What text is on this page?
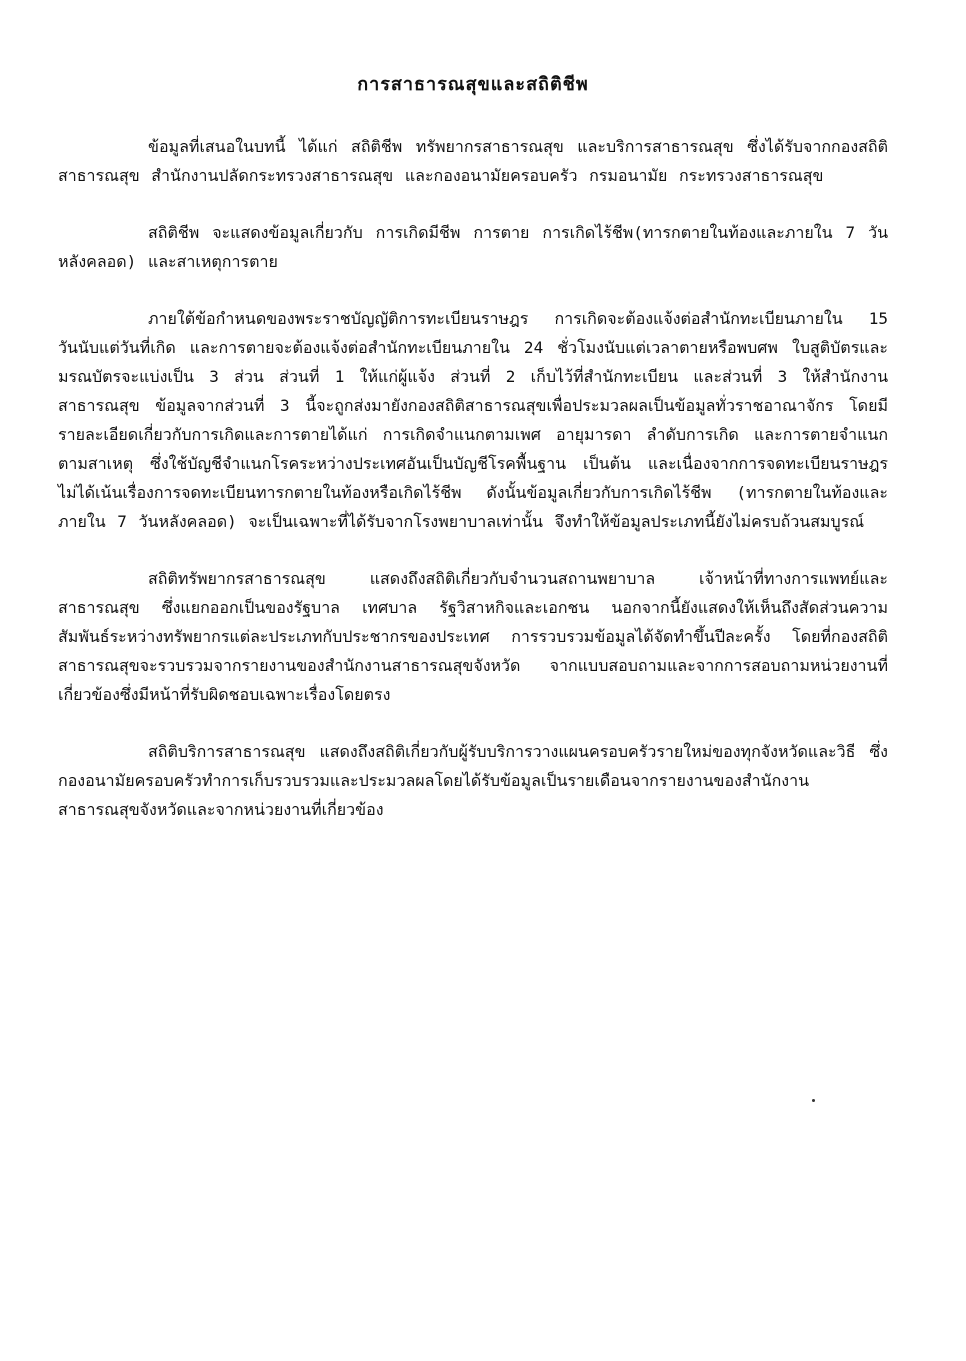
การสาธารณสุขและสถิติชีพ

ข้อมูลที่เสนอในบทนี้ ได้แก่ สถิติชีพ ทรัพยากรสาธารณสุข และบริการสาธารณสุข ซึ่งได้รับจากกองสถิติสาธารณสุข สำนักงานปลัดกระทรวงสาธารณสุข และกองอนามัยครอบครัว กรมอนามัย กระทรวงสาธารณสุข

สถิติชีพ จะแสดงข้อมูลเกี่ยวกับ การเกิดมีชีพ การตาย การเกิดไร้ชีพ(ทารกตายในท้องและภายใน 7 วันหลังคลอด) และสาเหตุการตาย

ภายใต้ข้อกำหนดของพระราชบัญญัติการทะเบียนราษฎร การเกิดจะต้องแจ้งต่อสำนักทะเบียนภายใน 15 วันนับแต่วันที่เกิด และการตายจะต้องแจ้งต่อสำนักทะเบียนภายใน 24 ชั่วโมงนับแต่เวลาตายหรือพบศพ ใบสูติบัตรและมรณบัตรจะแบ่งเป็น 3 ส่วน ส่วนที่ 1 ให้แก่ผู้แจ้ง ส่วนที่ 2 เก็บไว้ที่สำนักทะเบียน และส่วนที่ 3 ให้สำนักงานสาธารณสุข ข้อมูลจากส่วนที่ 3 นี้จะถูกส่งมายังกองสถิติสาธารณสุขเพื่อประมวลผลเป็นข้อมูลทั่วราชอาณาจักร โดยมีรายละเอียดเกี่ยวกับการเกิดและการตายได้แก่ การเกิดจำแนกตามเพศ อายุมารดา ลำดับการเกิด และการตายจำแนกตามสาเหตุ ซึ่งใช้บัญชีจำแนกโรคระหว่างประเทศอันเป็นบัญชีโรคพื้นฐาน เป็นต้น และเนื่องจากการจดทะเบียนราษฎรไม่ได้เน้นเรื่องการจดทะเบียนทารกตายในท้องหรือเกิดไร้ชีพ ดังนั้นข้อมูลเกี่ยวกับการเกิดไร้ชีพ (ทารกตายในท้องและภายใน 7 วันหลังคลอด) จะเป็นเฉพาะที่ได้รับจากโรงพยาบาลเท่านั้น จึงทำให้ข้อมูลประเภทนี้ยังไม่ครบถ้วนสมบูรณ์

สถิติทรัพยากรสาธารณสุข แสดงถึงสถิติเกี่ยวกับจำนวนสถานพยาบาล เจ้าหน้าที่ทางการแพทย์และสาธารณสุข ซึ่งแยกออกเป็นของรัฐบาล เทศบาล รัฐวิสาหกิจและเอกชน นอกจากนี้ยังแสดงให้เห็นถึงสัดส่วนความสัมพันธ์ระหว่างทรัพยากรแต่ละประเภทกับประชากรของประเทศ การรวบรวมข้อมูลได้จัดทำขึ้นปีละครั้ง โดยที่กองสถิติสาธารณสุขจะรวบรวมจากรายงานของสำนักงานสาธารณสุขจังหวัด จากแบบสอบถามและจากการสอบถามหน่วยงานที่เกี่ยวข้องซึ่งมีหน้าที่รับผิดชอบเฉพาะเรื่องโดยตรง

สถิติบริการสาธารณสุข แสดงถึงสถิติเกี่ยวกับผู้รับบริการวางแผนครอบครัวรายใหม่ของทุกจังหวัดและวิธี ซึ่งกองอนามัยครอบครัวทำการเก็บรวบรวมและประมวลผลโดยได้รับข้อมูลเป็นรายเดือนจากรายงานของสำนักงานสาธารณสุขจังหวัดและจากหน่วยงานที่เกี่ยวข้อง
